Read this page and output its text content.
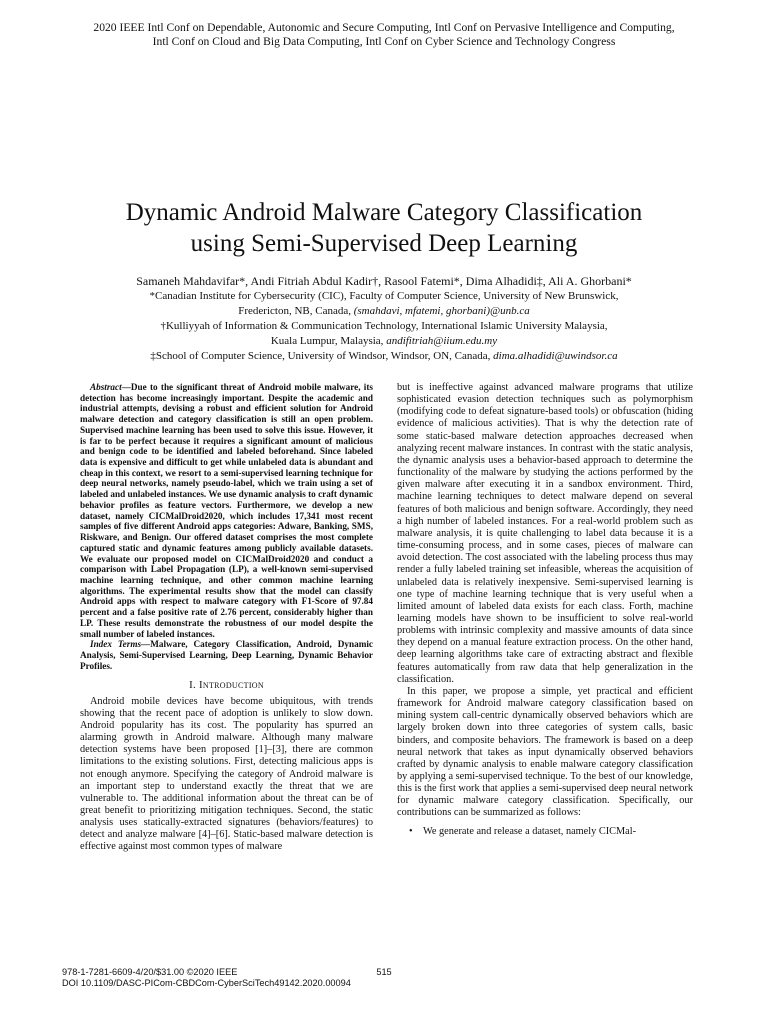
2020 IEEE Intl Conf on Dependable, Autonomic and Secure Computing, Intl Conf on Pervasive Intelligence and Computing,
Intl Conf on Cloud and Big Data Computing, Intl Conf on Cyber Science and Technology Congress
Dynamic Android Malware Category Classification
using Semi-Supervised Deep Learning
Samaneh Mahdavifar*, Andi Fitriah Abdul Kadir†, Rasool Fatemi*, Dima Alhadidi‡, Ali A. Ghorbani*
*Canadian Institute for Cybersecurity (CIC), Faculty of Computer Science, University of New Brunswick,
Fredericton, NB, Canada, (smahdavi, mfatemi, ghorbani)@unb.ca
†Kulliyyah of Information & Communication Technology, International Islamic University Malaysia,
Kuala Lumpur, Malaysia, andifitriah@iium.edu.my
‡School of Computer Science, University of Windsor, Windsor, ON, Canada, dima.alhadidi@uwindsor.ca

Abstract—Due to the significant threat of Android mobile malware, its detection has become increasingly important. Despite the academic and industrial attempts, devising a robust and efficient solution for Android malware detection and category classification is still an open problem. Supervised machine learning has been used to solve this issue. However, it is far to be perfect because it requires a significant amount of malicious and benign code to be identified and labeled beforehand. Since labeled data is expensive and difficult to get while unlabeled data is abundant and cheap in this context, we resort to a semi-supervised learning technique for deep neural networks, namely pseudo-label, which we train using a set of labeled and unlabeled instances. We use dynamic analysis to craft dynamic behavior profiles as feature vectors. Furthermore, we develop a new dataset, namely CICMalDroid2020, which includes 17,341 most recent samples of five different Android apps categories: Adware, Banking, SMS, Riskware, and Benign. Our offered dataset comprises the most complete captured static and dynamic features among publicly available datasets. We evaluate our proposed model on CICMalDroid2020 and conduct a comparison with Label Propagation (LP), a well-known semi-supervised machine learning technique, and other common machine learning algorithms. The experimental results show that the model can classify Android apps with respect to malware category with F1-Score of 97.84 percent and a false positive rate of 2.76 percent, considerably higher than LP. These results demonstrate the robustness of our model despite the small number of labeled instances.

Index Terms—Malware, Category Classification, Android, Dynamic Analysis, Semi-Supervised Learning, Deep Learning, Dynamic Behavior Profiles.

I. Introduction

Android mobile devices have become ubiquitous, with trends showing that the recent pace of adoption is unlikely to slow down. Android popularity has its cost. The popularity has spurred an alarming growth in Android malware. Although many malware detection systems have been proposed [1]–[3], there are common limitations to the existing solutions. First, detecting malicious apps is not enough anymore. Specifying the category of Android malware is an important step to understand exactly the threat that we are vulnerable to. The additional information about the threat can be of great benefit to prioritizing mitigation techniques. Second, the static analysis uses statically-extracted signatures (behaviors/features) to detect and analyze malware [4]–[6]. Static-based malware detection is effective against most common types of malware

but is ineffective against advanced malware programs that utilize sophisticated evasion detection techniques such as polymorphism (modifying code to defeat signature-based tools) or obfuscation (hiding evidence of malicious activities). That is why the detection rate of some static-based malware detection approaches decreased when analyzing recent malware instances. In contrast with the static analysis, the dynamic analysis uses a behavior-based approach to determine the functionality of the malware by studying the actions performed by the given malware after executing it in a sandbox environment. Third, machine learning techniques to detect malware depend on several features of both malicious and benign software. Accordingly, they need a high number of labeled instances. For a real-world problem such as malware analysis, it is quite challenging to label data because it is a time-consuming process, and in some cases, pieces of malware can avoid detection. The cost associated with the labeling process thus may render a fully labeled training set infeasible, whereas the acquisition of unlabeled data is relatively inexpensive. Semi-supervised learning is one type of machine learning technique that is very useful when a limited amount of labeled data exists for each class. Forth, machine learning models have shown to be insufficient to solve real-world problems with intrinsic complexity and massive amounts of data since they depend on a manual feature extraction process. On the other hand, deep learning algorithms take care of extracting abstract and flexible features automatically from raw data that help generalization in the classification.

In this paper, we propose a simple, yet practical and efficient framework for Android malware category classification based on mining system call-centric dynamically observed behaviors which are largely broken down into three categories of system calls, basic binders, and composite behaviors. The framework is based on a deep neural network that takes as input dynamically observed behaviors crafted by dynamic analysis to enable malware category classification by applying a semi-supervised technique. To the best of our knowledge, this is the first work that applies a semi-supervised deep neural network for dynamic malware category classification. Specifically, our contributions can be summarized as follows:

• We generate and release a dataset, namely CICMal-
978-1-7281-6609-4/20/$31.00 ©2020 IEEE
DOI 10.1109/DASC-PICom-CBDCom-CyberSciTech49142.2020.00094
515
